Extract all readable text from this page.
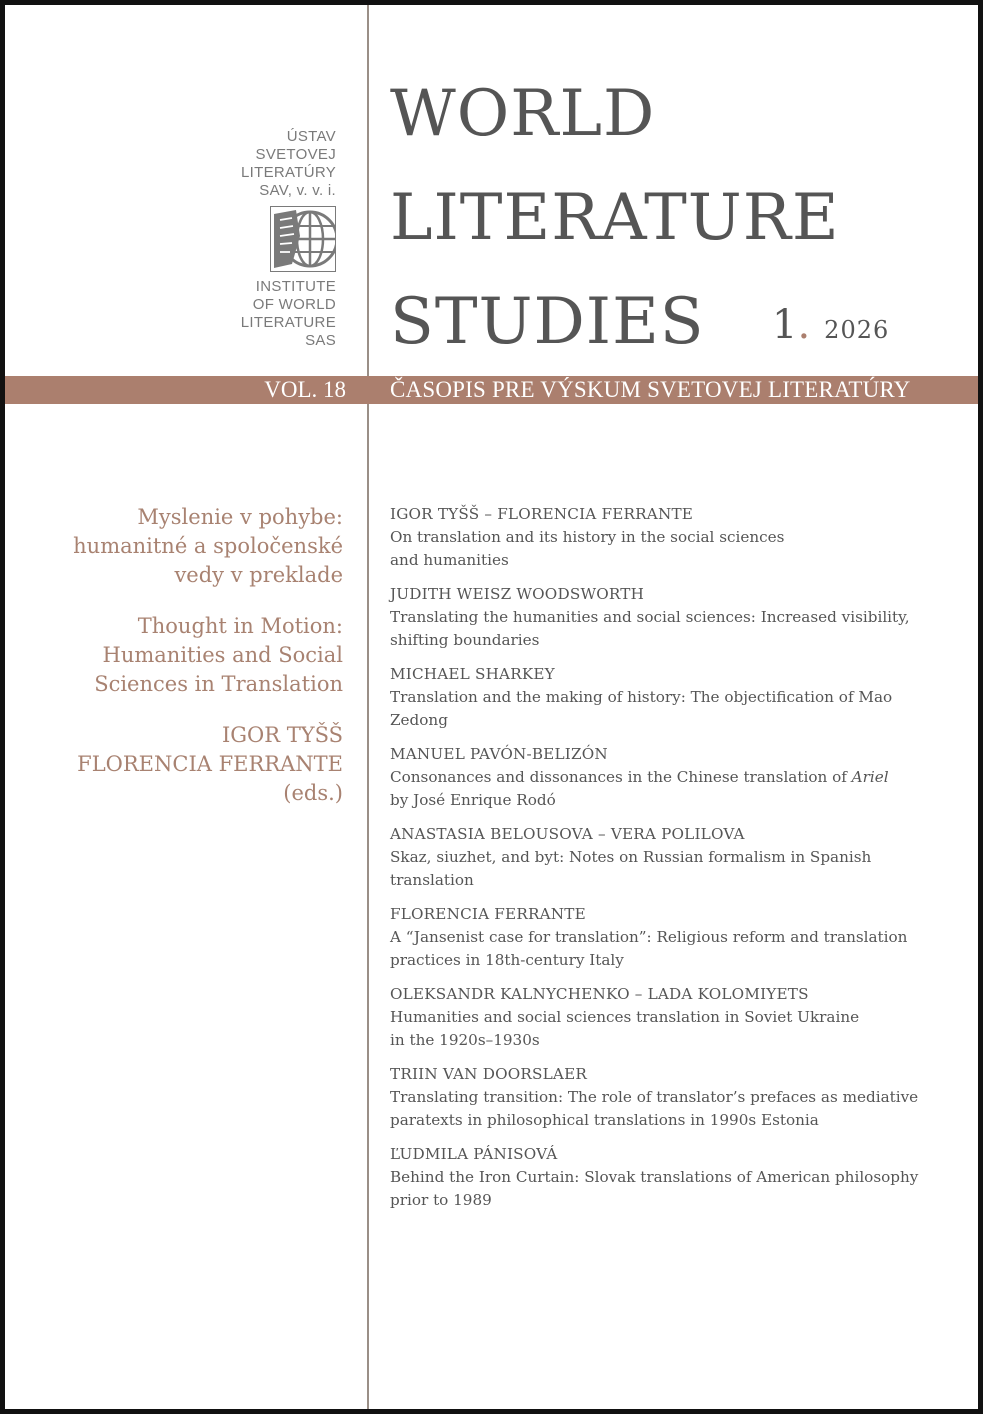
ÚSTAV
SVETOVEJ
LITERATÚRY
SAV, v. v. i.
INSTITUTE
OF WORLD
LITERATURE
SAS
WORLD
LITERATURE
STUDIES	1. 2026
VOL. 18 ČASOPIS PRE VÝSKUM SVETOVEJ LITERATÚRY
Myslenie v pohybe:
humanitné a spoločenské
vedy v preklade
Thought in Motion:
Humanities and Social
Sciences in Translation
IGOR TYŠŠ
FLORENCIA FERRANTE
(eds.)
IGOR TYŠŠ – FLORENCIA FERRANTE
On translation and its history in the social sciences
and humanities
JUDITH WEISZ WOODSWORTH
Translating the humanities and social sciences: Increased visibility,
shifting boundaries
MICHAEL SHARKEY
Translation and the making of history: The objectification of Mao
Zedong
MANUEL PAVÓN-BELIZÓN
Consonances and dissonances in the Chinese translation of Ariel
by José Enrique Rodó
ANASTASIA BELOUSOVA – VERA POLILOVA
Skaz, siuzhet, and byt: Notes on Russian formalism in Spanish
translation
FLORENCIA FERRANTE
A “Jansenist case for translation”: Religious reform and translation
practices in 18th-century Italy
OLEKSANDR KALNYCHENKO – LADA KOLOMIYETS
Humanities and social sciences translation in Soviet Ukraine
in the 1920s–1930s
TRIIN VAN DOORSLAER
Translating transition: The role of translator’s prefaces as mediative
paratexts in philosophical translations in 1990s Estonia
ĽUDMILA PÁNISOVÁ
Behind the Iron Curtain: Slovak translations of American philosophy
prior to 1989
